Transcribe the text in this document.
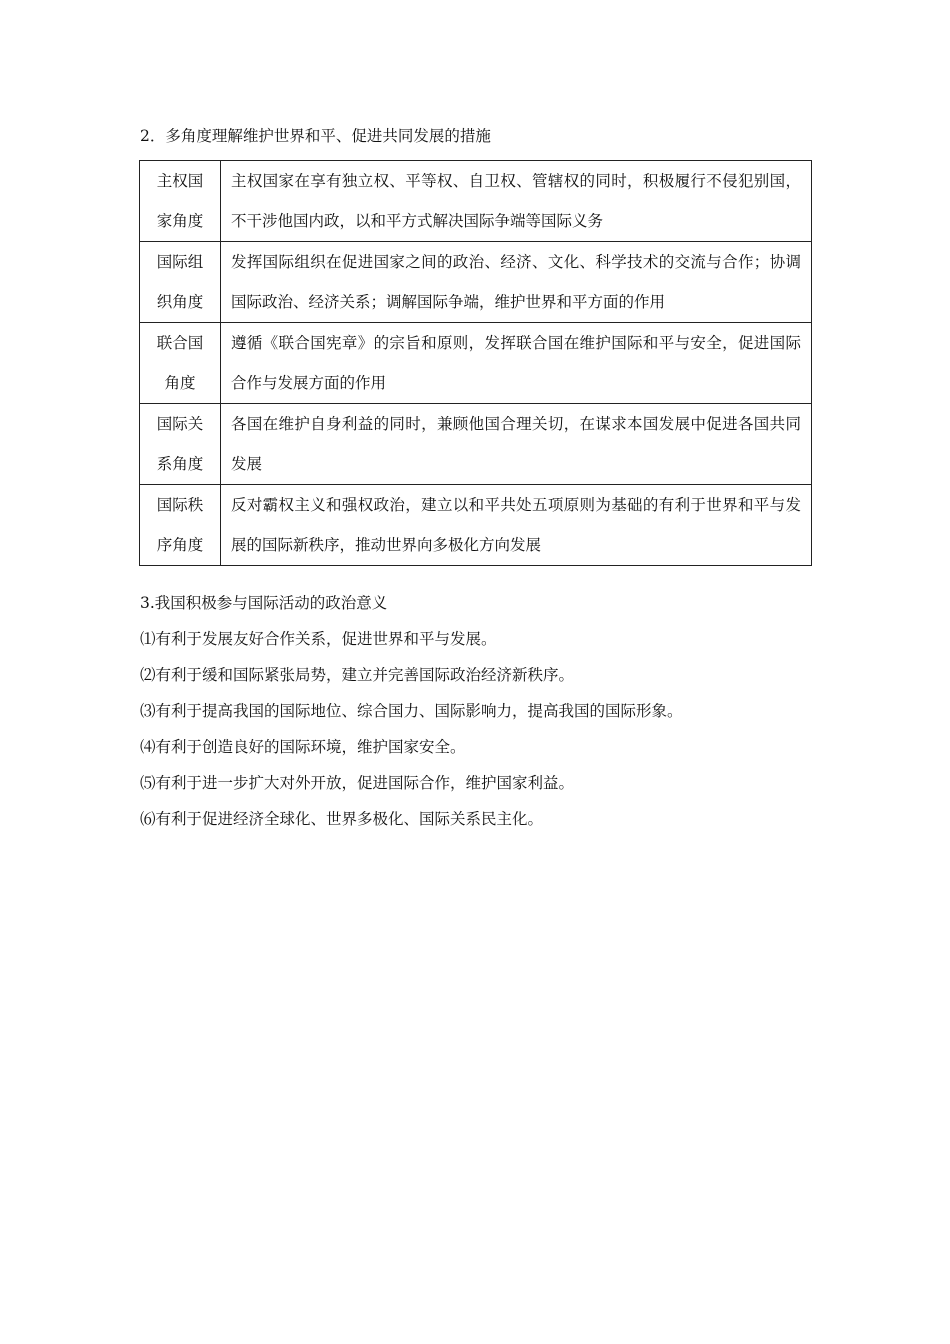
2．多角度理解维护世界和平、促进共同发展的措施
主权国家角度	主权国家在享有独立权、平等权、自卫权、管辖权的同时，积极履行不侵犯别国，不干涉他国内政，以和平方式解决国际争端等国际义务

国际组织角度	发挥国际组织在促进国家之间的政治、经济、文化、科学技术的交流与合作；协调国际政治、经济关系；调解国际争端，维护世界和平方面的作用

联合国角度	遵循《联合国宪章》的宗旨和原则，发挥联合国在维护国际和平与安全，促进国际合作与发展方面的作用

国际关系角度	各国在维护自身利益的同时，兼顾他国合理关切，在谋求本国发展中促进各国共同发展

国际秩序角度	反对霸权主义和强权政治，建立以和平共处五项原则为基础的有利于世界和平与发展的国际新秩序，推动世界向多极化方向发展
3.我国积极参与国际活动的政治意义
⑴有利于发展友好合作关系，促进世界和平与发展。
⑵有利于缓和国际紧张局势，建立并完善国际政治经济新秩序。
⑶有利于提高我国的国际地位、综合国力、国际影响力，提高我国的国际形象。
⑷有利于创造良好的国际环境，维护国家安全。
⑸有利于进一步扩大对外开放，促进国际合作，维护国家利益。
⑹有利于促进经济全球化、世界多极化、国际关系民主化。
